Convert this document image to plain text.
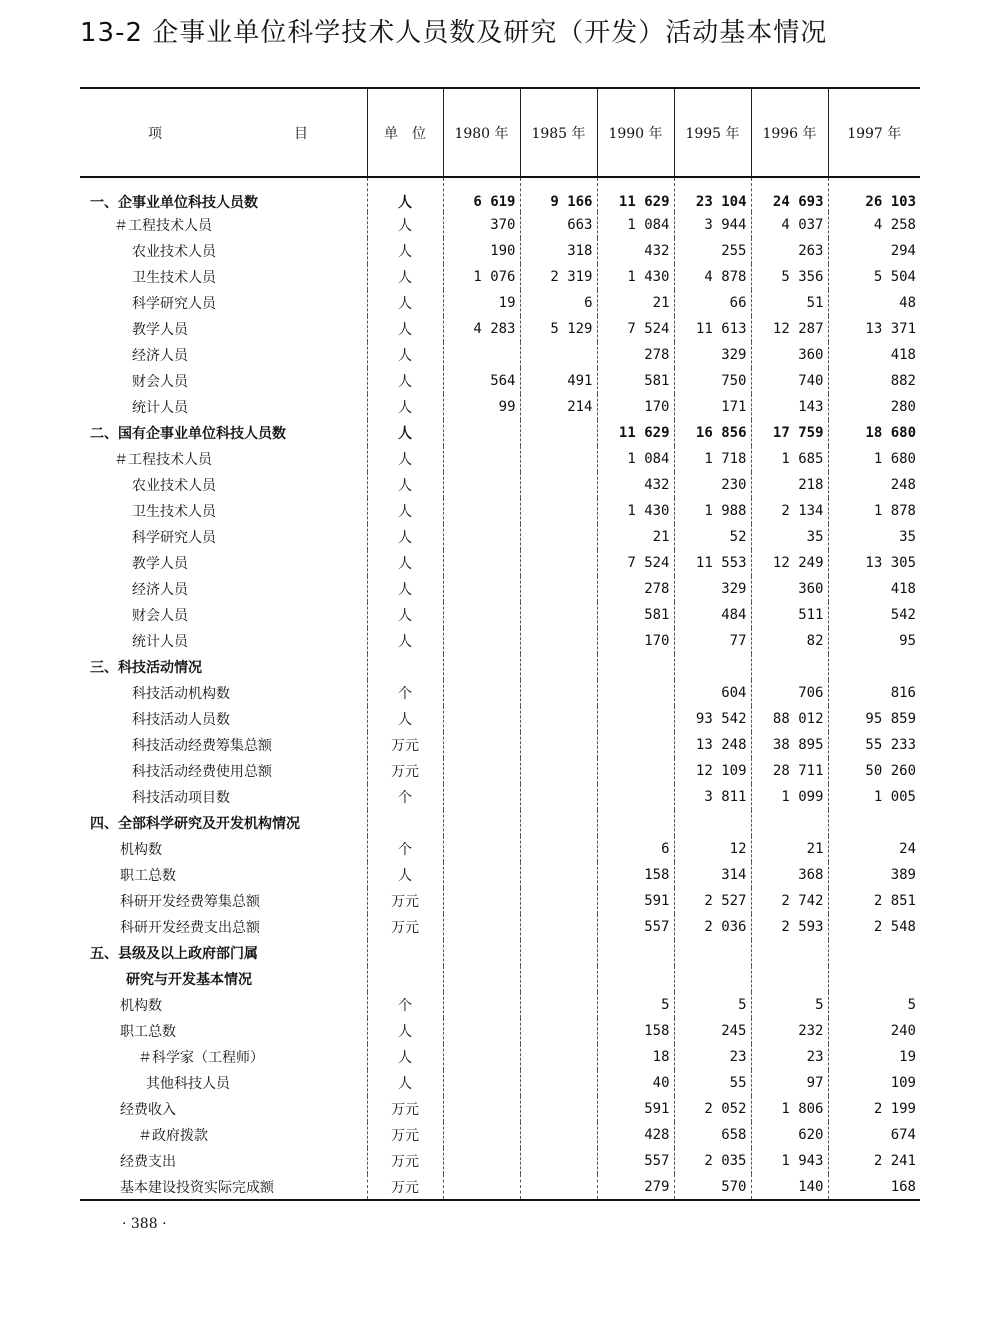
13-2 企事业单位科学技术人员数及研究（开发）活动基本情况
项 目	单　位	1980 年	1985 年	1990 年	1995 年	1996 年	1997 年
一、企事业单位科技人员数	人	6 619	9 166	11 629	23 104	24 693	26 103
＃工程技术人员	人	370	663	1 084	3 944	4 037	4 258
农业技术人员	人	190	318	432	255	263	294
卫生技术人员	人	1 076	2 319	1 430	4 878	5 356	5 504
科学研究人员	人	19	6	21	66	51	48
教学人员	人	4 283	5 129	7 524	11 613	12 287	13 371
经济人员	人			278	329	360	418
财会人员	人	564	491	581	750	740	882
统计人员	人	99	214	170	171	143	280
二、国有企事业单位科技人员数	人			11 629	16 856	17 759	18 680
＃工程技术人员	人			1 084	1 718	1 685	1 680
农业技术人员	人			432	230	218	248
卫生技术人员	人			1 430	1 988	2 134	1 878
科学研究人员	人			21	52	35	35
教学人员	人			7 524	11 553	12 249	13 305
经济人员	人			278	329	360	418
财会人员	人			581	484	511	542
统计人员	人			170	77	82	95
三、科技活动情况							
科技活动机构数	个				604	706	816
科技活动人员数	人				93 542	88 012	95 859
科技活动经费筹集总额	万元				13 248	38 895	55 233
科技活动经费使用总额	万元				12 109	28 711	50 260
科技活动项目数	个				3 811	1 099	1 005
四、全部科学研究及开发机构情况							
机构数	个			6	12	21	24
职工总数	人			158	314	368	389
科研开发经费筹集总额	万元			591	2 527	2 742	2 851
科研开发经费支出总额	万元			557	2 036	2 593	2 548
五、县级及以上政府部门属							
研究与开发基本情况							
机构数	个			5	5	5	5
职工总数	人			158	245	232	240
＃科学家（工程师）	人			18	23	23	19
其他科技人员	人			40	55	97	109
经费收入	万元			591	2 052	1 806	2 199
＃政府拨款	万元			428	658	620	674
经费支出	万元			557	2 035	1 943	2 241
基本建设投资实际完成额	万元			279	570	140	168
· 388 ·
